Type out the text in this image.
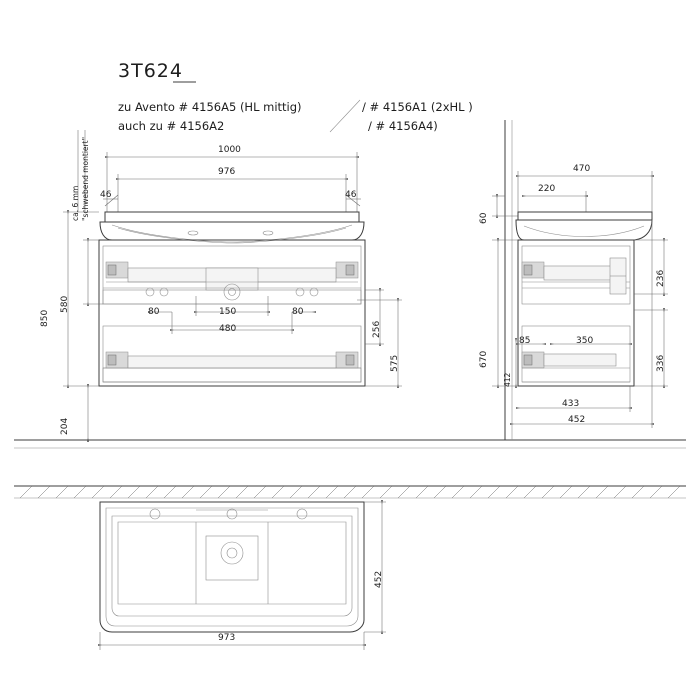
3T624
zu Avento # 4156A5 (HL mittig)	/ # 4156A1 (2xHL )
auch zu # 4156A2	/ # 4156A4)
ca. 6 mm "schwebend montiert"	1000
976
46	46
580
850
204
80	150
480
80
256
575
470
220
60
236
336
670
85	350
412
433
452
452
973
